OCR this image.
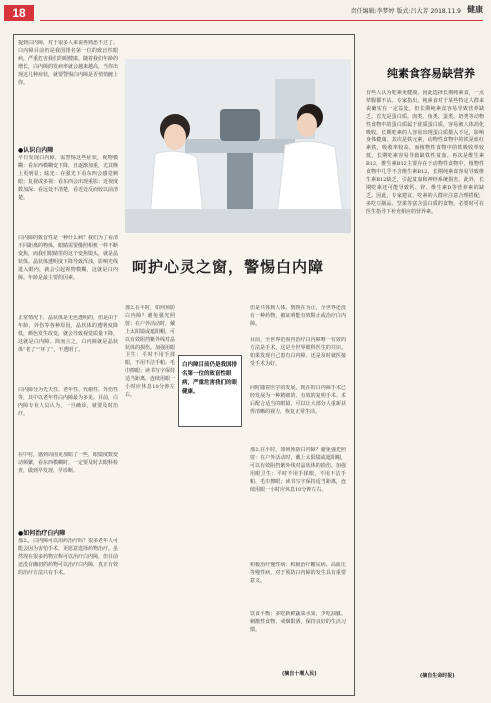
18	责任编辑:李梦婷 版式:吕大芳 2018.11.9 健康
提到白内障，对于很多人来说再熟悉不过了。白内障目前仍是我国排名第一位的致盲性眼病，严重危害我们的眼健康。随着我们年龄的增长，白内障的发病率就会越来越高，当你出现这几种症状，就要警惕白内障是否悄悄缠上你。
呵护心灵之窗，警惕白内障
●认识白内障
早日发现白内障，需警惕这些症状，视物模糊：看东西模糊变下降，且逐渐加重，尤其晚上更明显；眩光：在强光下看东西会感觉刺眼；复视或多视：看东西会出现重影；近视度数加深：看远处不清楚，看近处反而较以前清楚。
白内障的致盲性是一种什么病？我们为了看清不同距离的物体，眼睛需要像照相机一样不断变焦，而我们眼睛里的这个变焦镜头，就是晶状体。晶状体透明度下降导致浑浊，影响光线进入眼内，就会引起视物模糊，这就是白内障。年龄是最主要的因素。
正常情况下，晶状体是无色透明的，但是由于年龄、外伤等各种原因，晶状体的透明度降低，颜色发生改变，就会导致视觉质量下降，这就是白内障。简而言之，白内障就是晶状体“老了”“坏了”，不透明了。
白内障分为先天性、老年性、代谢性、外伤性等，其中以老年性白内障最为多见。目前，白内障专业人员认为，一旦确诊，就要及时治疗。
在中村，感到周围更加暗了一些，眼镜度数变动频繁，看东西模糊时，一定要及时去眼科检查，做到早发现、早诊断。
●如何治疗白内障
那么，白内障可以用药治疗吗？很多老年人可能会因为害怕手术，更愿意选择药物治疗。虽然现在很多药物宣称可以治疗白内障，但目前还没有确切的药物可以治疗白内障，真正有效的治疗方法只有手术。
但是共体到人体，到现在为止，全世界还没有一种药物，被证明能有效阻止或治疗白内障。
目前，全世界范围内治疗白内障唯一有效的方法是手术，这是全世界眼科医生的共识。如果发现自己患有白内障，还是及时就医接受手术为好。
同时随着医学的发展，现在的白内障手术已经发展为一种精细的、有效的复明手术。术后配合适当的眼镜，可以让大部分人重新获得清晰的视力，恢复正常生活。
那么在平时，如何预防白内障？避免强光照射：在户外活动时，戴上太阳镜或遮阳帽，可以有效阻挡紫外线对晶状体的损伤。加强用眼卫生：平时不用手揉眼，不用不洁手帕、毛巾擦眼；读书写字保持适当距离，连续用眼一小时应休息10分钟左右。
积极治疗慢性病：积极治疗糖尿病、高血压等慢性病，对于预防白内障的发生具有重要意义。
饮食平衡：多吃新鲜蔬菜水果，少吃油腻、刺激性食物，戒烟限酒，保持良好的生活习惯。
那么在平时，如何预防白内障？避免强光照射：在户外活动时，戴上太阳镜或遮阳帽，可以有效阻挡紫外线对晶状体的损伤。加强用眼卫生：平时不用手揉眼，不用不洁手帕、毛巾擦眼；读书写字保持适当距离，连续用眼一小时应休息10分钟左右。
白内障目前仍是我国排名第一位的致盲性眼病，严重危害我们的眼健康。
(摘自十堰人民)
纯素食容易缺营养
有些人认为吃素更健康，因此选择长期纯素食，一点荤腥都不沾。专家指出，纯素食对于某些特定人群来说确实有一定益处，但长期纯素食容易导致营养缺乏。首先是蛋白质，肉类、鱼类、蛋类、奶类等动物性食物中的蛋白质属于优质蛋白质，容易被人体消化吸收。长期吃素的人容易出现蛋白质摄入不足，影响身体健康。其次是铁元素，动物性食物中的铁是血红素铁，吸收率较高，而植物性食物中的铁吸收率较低，长期吃素容易导致缺铁性贫血。再次是维生素B12，维生素B12主要存在于动物性食物中，植物性食物中几乎不含维生素B12，长期纯素食容易导致维生素B12缺乏，引起贫血和神经系统损害。此外，长期吃素还可能导致钙、锌、维生素D等营养素的缺乏。因此，专家建议，吃素的人群应注意合理搭配，多吃豆制品、坚果等富含蛋白质的食物，必要时可在医生指导下补充相应的营养素。
(摘自生命时报)
